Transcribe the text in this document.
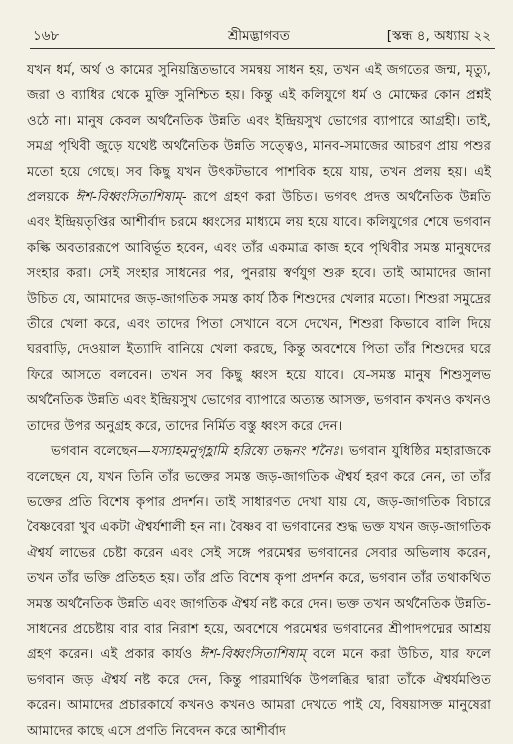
১৬৮	শ্রীমদ্ভাগবত	[স্কন্ধ ৪, অধ্যায় ২২

যখন ধর্ম, অর্থ ও কামের সুনিয়ন্ত্রিতভাবে সমন্বয় সাধন হয়, তখন এই জগতের জন্ম, মৃত্যু, জরা ও ব্যাধির থেকে মুক্তি সুনিশ্চিত হয়। কিন্তু এই কলিযুগে ধর্ম ও মোক্ষের কোন প্রশ্নই ওঠে না। মানুষ কেবল অর্থনৈতিক উন্নতি এবং ইন্দ্রিয়সুখ ভোগের ব্যাপারে আগ্রহী। তাই, সমগ্র পৃথিবী জুড়ে যথেষ্ট অর্থনৈতিক উন্নতি সত্ত্বেও, মানব-সমাজের আচরণ প্রায় পশুর মতো হয়ে গেছে। সব কিছু যখন উৎকটভাবে পাশবিক হয়ে যায়, তখন প্রলয় হয়। এই প্রলয়কে ঈশ-বিধ্বংসিতাশিষাম্‌- রূপে গ্রহণ করা উচিত। ভগবৎ প্রদত্ত অর্থনৈতিক উন্নতি এবং ইন্দ্রিয়তৃপ্তির আশীর্বাদ চরমে ধ্বংসের মাধ্যমে লয় হয়ে যাবে। কলিযুগের শেষে ভগবান কল্কি অবতাররূপে আবির্ভূত হবেন, এবং তাঁর একমাত্র কাজ হবে পৃথিবীর সমস্ত মানুষদের সংহার করা। সেই সংহার সাধনের পর, পুনরায় স্বর্ণযুগ শুরু হবে। তাই আমাদের জানা উচিত যে, আমাদের জড়-জাগতিক সমস্ত কার্য ঠিক শিশুদের খেলার মতো। শিশুরা সমুদ্রের তীরে খেলা করে, এবং তাদের পিতা সেখানে বসে দেখেন, শিশুরা কিভাবে বালি দিয়ে ঘরবাড়ি, দেওয়াল ইত্যাদি বানিয়ে খেলা করছে, কিন্তু অবশেষে পিতা তাঁর শিশুদের ঘরে ফিরে আসতে বলবেন। তখন সব কিছু ধ্বংস হয়ে যাবে। যে-সমস্ত মানুষ শিশুসুলভ অর্থনৈতিক উন্নতি এবং ইন্দ্রিয়সুখ ভোগের ব্যাপারে অত্যন্ত আসক্ত, ভগবান কখনও কখনও তাদের উপর অনুগ্রহ করে, তাদের নির্মিত বস্তু ধ্বংস করে দেন।

ভগবান বলেছেন—যস্যাহমনুগৃহ্ণামি হরিষ্যে তদ্ধনং শনৈঃ। ভগবান যুধিষ্ঠির মহারাজকে বলেছেন যে, যখন তিনি তাঁর ভক্তের সমস্ত জড়-জাগতিক ঐশ্বর্য হরণ করে নেন, তা তাঁর ভক্তের প্রতি বিশেষ কৃপার প্রদর্শন। তাই সাধারণত দেখা যায় যে, জড়-জাগতিক বিচারে বৈষ্ণবেরা খুব একটা ঐশ্বর্যশালী হন না। বৈষ্ণব বা ভগবানের শুদ্ধ ভক্ত যখন জড়-জাগতিক ঐশ্বর্য লাভের চেষ্টা করেন এবং সেই সঙ্গে পরমেশ্বর ভগবানের সেবার অভিলাষ করেন, তখন তাঁর ভক্তি প্রতিহত হয়। তাঁর প্রতি বিশেষ কৃপা প্রদর্শন করে, ভগবান তাঁর তথাকথিত সমস্ত অর্থনৈতিক উন্নতি এবং জাগতিক ঐশ্বর্য নষ্ট করে দেন। ভক্ত তখন অর্থনৈতিক উন্নতি-সাধনের প্রচেষ্টায় বার বার নিরাশ হয়ে, অবশেষে পরমেশ্বর ভগবানের শ্রীপাদপদ্মের আশ্রয় গ্রহণ করেন। এই প্রকার কার্যও ঈশ-বিধ্বংসিতাশিষাম্‌ বলে মনে করা উচিত, যার ফলে ভগবান জড় ঐশ্বর্য নষ্ট করে দেন, কিন্তু পারমার্থিক উপলব্ধির দ্বারা তাঁকে ঐশ্বর্যমণ্ডিত করেন। আমাদের প্রচারকার্যে কখনও কখনও আমরা দেখতে পাই যে, বিষয়াসক্ত মানুষেরা আমাদের কাছে এসে প্রণতি নিবেদন করে আশীর্বাদ
